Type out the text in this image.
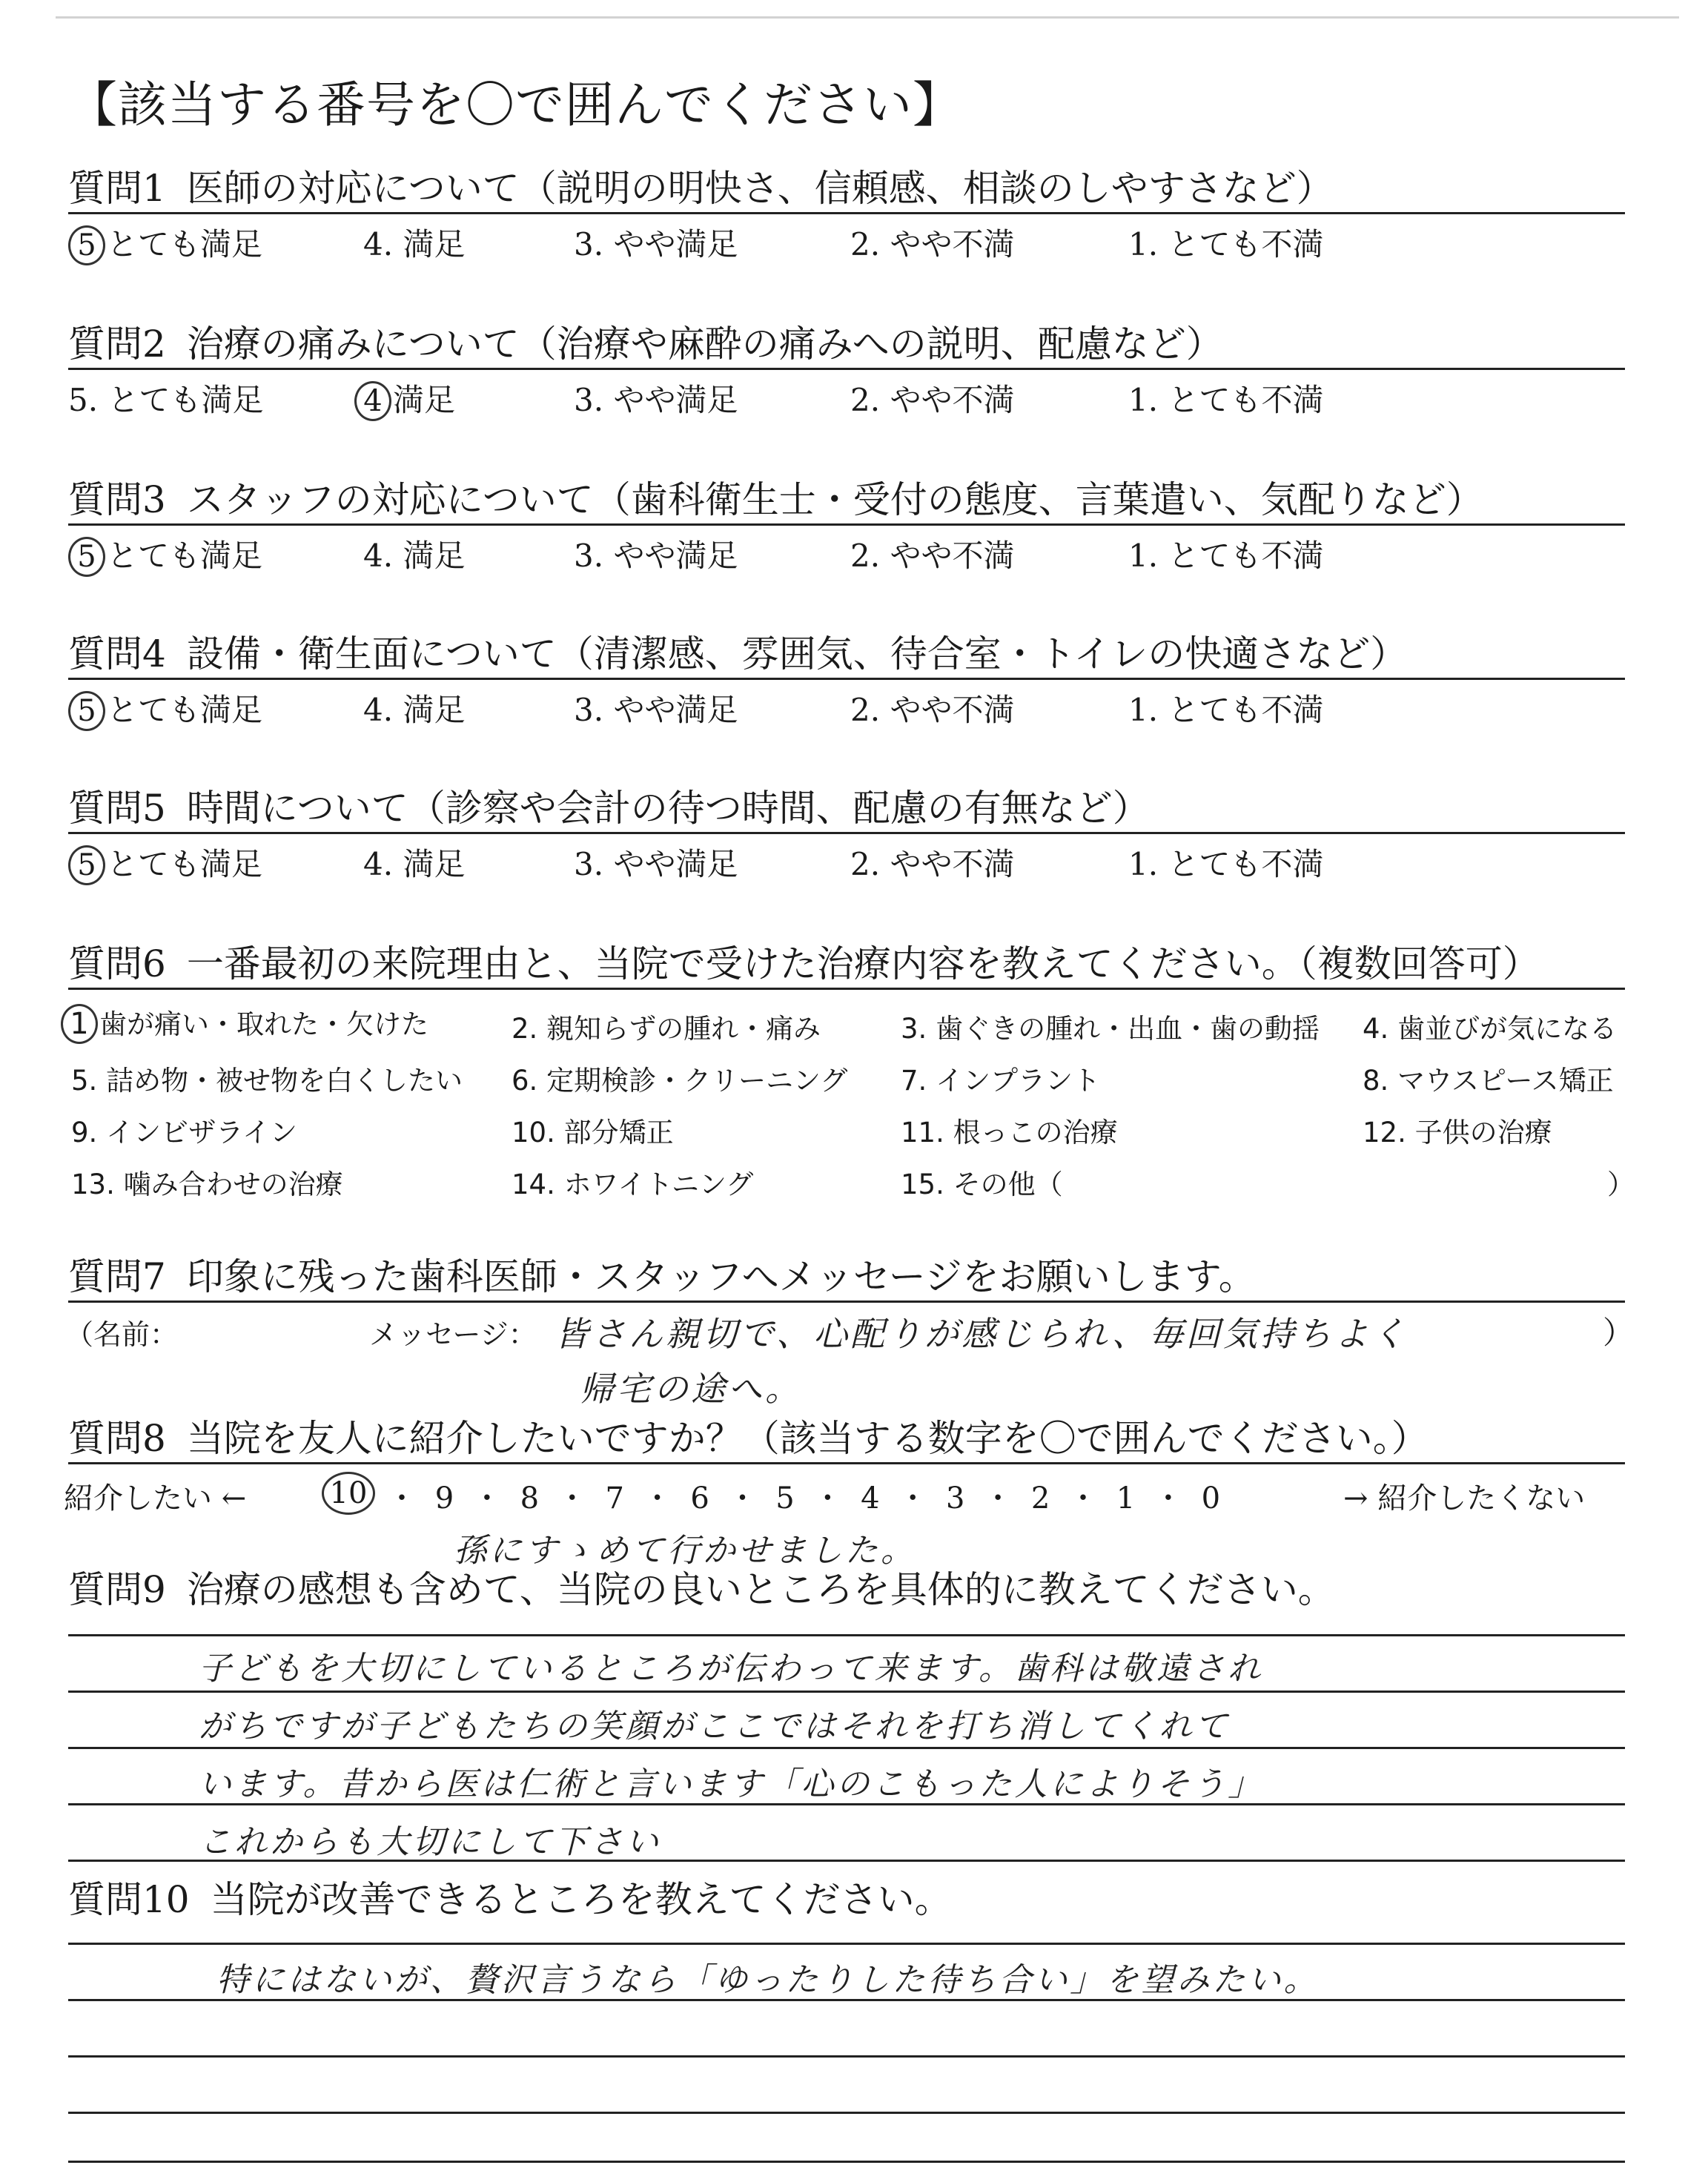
【該当する番号を〇で囲んでください】
質問1 医師の対応について（説明の明快さ、信頼感、相談のしやすさなど）
5 とても満足	4. 満足	3. やや満足	2. やや不満	1. とても不満
質問2 治療の痛みについて（治療や麻酔の痛みへの説明、配慮など）
5. とても満足	4 満足	3. やや満足	2. やや不満	1. とても不満
質問3 スタッフの対応について（歯科衛生士・受付の態度、言葉遣い、気配りなど）
5 とても満足	4. 満足	3. やや満足	2. やや不満	1. とても不満
質問4 設備・衛生面について（清潔感、雰囲気、待合室・トイレの快適さなど）
5 とても満足	4. 満足	3. やや満足	2. やや不満	1. とても不満
質問5 時間について（診察や会計の待つ時間、配慮の有無など）
5 とても満足	4. 満足	3. やや満足	2. やや不満	1. とても不満
質問6 一番最初の来院理由と、当院で受けた治療内容を教えてください。（複数回答可）
1 歯が痛い・取れた・欠けた	2. 親知らずの腫れ・痛み	3. 歯ぐきの腫れ・出血・歯の動揺 4. 歯並びが気になる
5. 詰め物・被せ物を白くしたい 6. 定期検診・クリーニング 7. インプラント	8. マウスピース矯正
9. インビザライン	10. 部分矯正	11. 根っこの治療	12. 子供の治療
13. 噛み合わせの治療	14. ホワイトニング	15. その他（	）
質問7 印象に残った歯科医師・スタッフへメッセージをお願いします。
（名前：	メッセージ： 皆さん親切で、心配りが感じられ、毎回気持ちよく	）
帰宅の途へ。
質問8 当院を友人に紹介したいですか？（該当する数字を〇で囲んでください。）
紹介したい ←	10 ・ 9 ・ 8 ・ 7 ・ 6 ・ 5 ・ 4 ・ 3 ・ 2 ・ 1 ・ 0	→ 紹介したくない
孫にすゝめて行かせました。
質問9 治療の感想も含めて、当院の良いところを具体的に教えてください。
子どもを大切にしているところが伝わって来ます。歯科は敬遠され
がちですが子どもたちの笑顔がここではそれを打ち消してくれて
います。昔から医は仁術と言います「心のこもった人によりそう」
これからも大切にして下さい
質問10 当院が改善できるところを教えてください。
特にはないが、贅沢言うなら「ゆったりした待ち合い」を望みたい。
